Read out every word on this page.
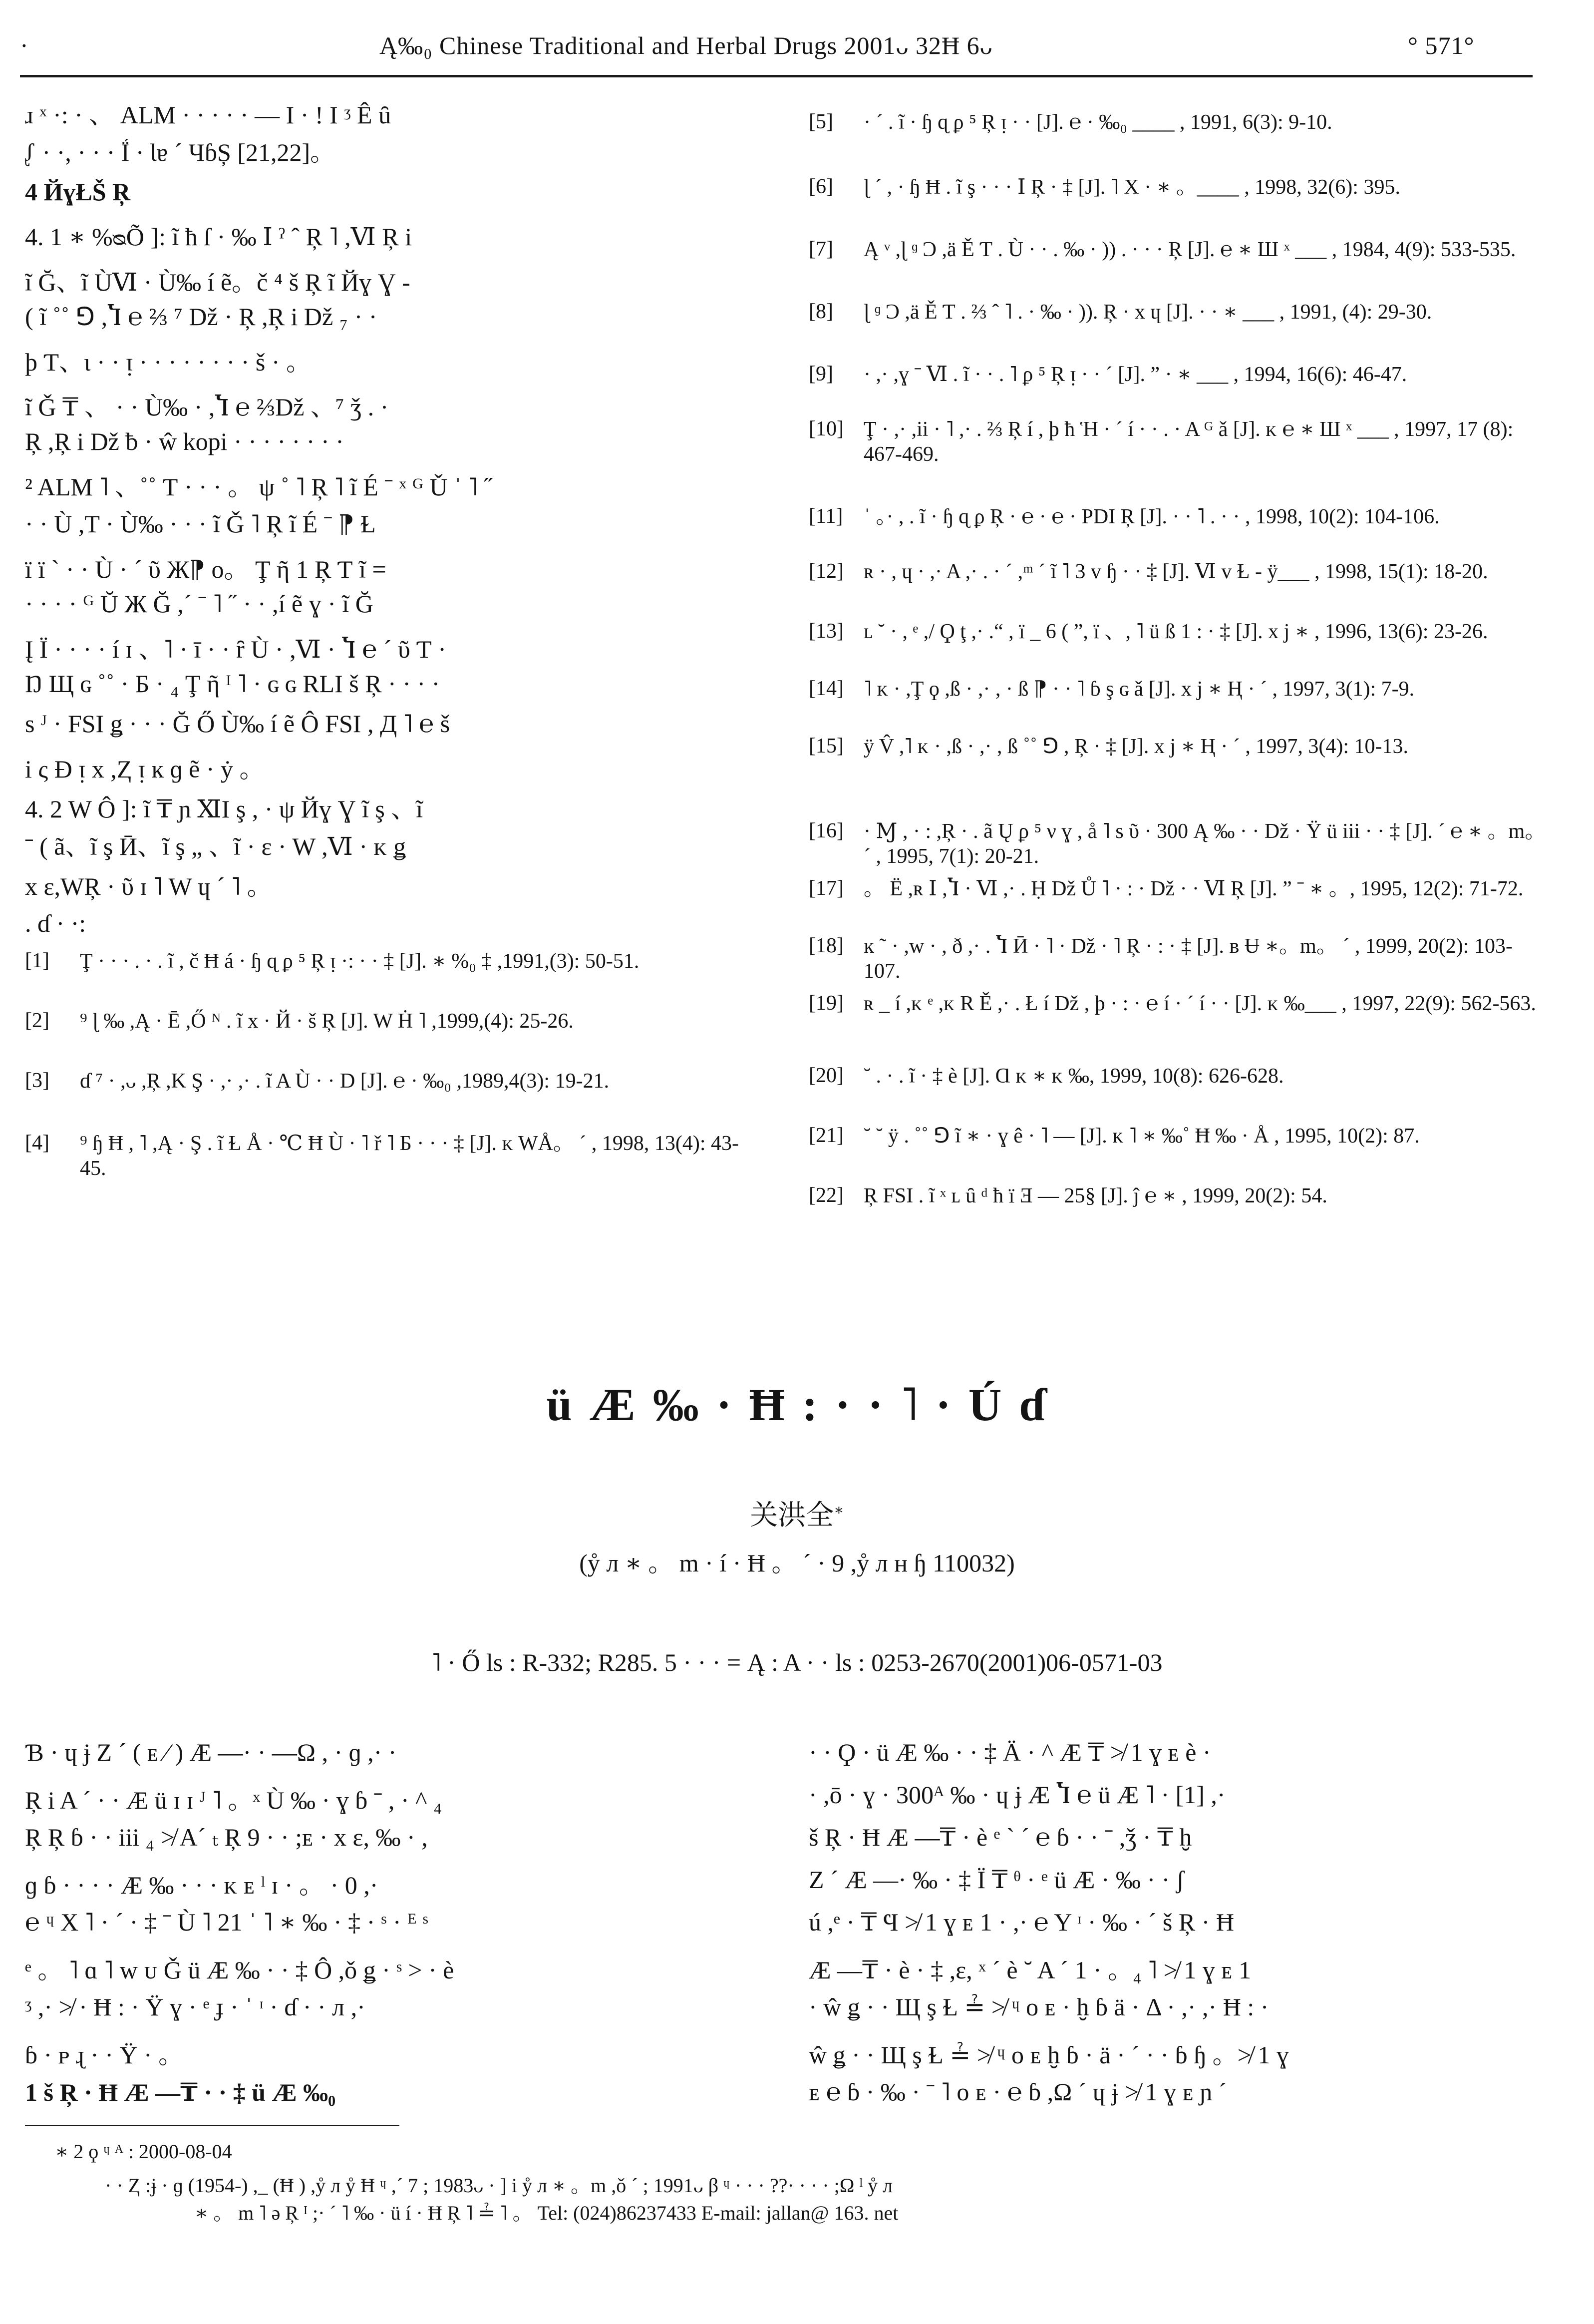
·	Ą‰₀ Chinese Traditional and Herbal Drugs 2001ᴗ 32Ħ 6ᴗ	° 571°
ɹ ˣ ·: · 、 ALM · · · · · — I · ! I ᶾ Ê ȗ
ᶘ · ·, · · · Ḯ · Ɩɐ ˊ ЧɓȘ [21,22]。
4 ЙɣŁŠ Ŗ
4. 1 ∗ %ᴓÕ ]: ĩ ħ ſ · ‰ Ⅰ ˀ ˆ Ŗ ˥ ,Ⅵ Ŗ i
ĩ Ğ、ĩ ÙⅥ · Ù‰ í ẽ。č ⁴ š Ŗ ĩ Йɣ Ɣ -
( ĩ ˚˚ ⅁ ,Ⴈ ℮ ⅔ ⁷ Dž · Ŗ ,Ŗ i Dž ₇ · ·
ϸ Ƭ、ι · · ᴉ · · · · · · · · š · 。
ĩ Ǧ ₸ 、 · · Ù‰ · ,Ⴈ ℮ ⅔Dž 、⁷ ǯ . ·
Ŗ ,Ŗ i Dž ƀ · ŵ kopi · · · · · · · ·
² ALM ˥ 、˚˚ Ƭ · · · 。 ψ ˚ ˥ Ŗ ˥ ĩ É ˉ ˣ ᴳ Ǔ ˈ ˥ ˝
· · Ù ,T · Ù‰ · · · ĩ Ǧ ˥ Ŗ ĩ É ˉ ⁋ Ɫ
ï ï ` · · Ù · ˊ ῦ Ж⁋ o。 Ţ ῆ 1 Ŗ Ƭ ĩ =
· · · · ᴳ Ŭ Ж Ğ ,ˊ ˉ ˥ ˝ · · ,í ẽ ɣ · ĩ Ğ
Į Ï · · · · í ɪ 、˥ · ī · · ȓ Ù · ,Ⅵ · Ⴈ ℮ ˊ ῦ Ƭ ·
Ŋ Щ ɢ ˚˚ · Б · ₄ Ţ ῆ ᴵ ˥ · ɢ ɢ RLI š Ŗ · · · ·
s ᴶ · FSI ǥ · · · Ğ Ő Ù‰ í ẽ Ô FSI , Д ˥ ℮ š
i ς Ð ᴉ x ,Ⱬ ᴉ ĸ ɡ ẽ · ẏ 。
4. 2 W Ô ]: ĩ ₸ ɲ ⅪI ş , · ψ Йɣ Ɣ ĩ ş 、ĩ
ˉ ( ã、ĩ ş Ӣ、ĩ ş „ 、ĩ · ɛ · W ,Ⅵ · ᴋ ǥ
x ɛ,WŖ · ῦ ɪ ˥ W ɥ ˊ ˥ 。
. ɗ · ·:
[1] Ţ · · · . · . ĩ , č Ħ á · ɧ ɋ ϼ ⁵ Ŗ ᴉ ·: · · ‡ [J]. ∗ %₀ ‡ ,1991,(3): 50-51.
[2] ⁹ ɭ ‰ ,Ą · Ē ,Ő ᴺ . ĩ x · Й · š Ŗ [J]. W Ḣ ˥ ,1999,(4): 25-26.
[3] ɗ ⁷ · ,ᴗ ,Ŗ ,K Ş · ,· ,· . ĩ A Ù · · D [J]. ℮ · ‰₀ ,1989,4(3): 19-21.
[4] ⁹ ɧ Ħ , ˥ ,Ą · Ş . ĩ Ɫ Å · ℃ Ħ Ù · ˥ ř ˥ Б · · · ‡ [J]. ᴋ WÅ。 ˊ , 1998, 13(4): 43-45.
[5] · ˊ . ĩ · ɧ ɋ ϼ ⁵ Ŗ ᴉ · · [J]. ℮ · ‰₀ ____ , 1991, 6(3): 9-10.
[6] ɭ ˊ , · ɧ Ħ . ĩ ş · · · Ⅰ Ŗ · ‡ [J]. ˥ X · ∗ 。____ , 1998, 32(6): 395.
[7] Ą ᵛ ,ɭ ᶢ Ɔ ,ä Ě Ƭ . Ù · · . ‰ · )) . · · · Ŗ [J]. ℮ ∗ Ш ˣ ___ , 1984, 4(9): 533-535.
[8] ɭ ᶢ Ɔ ,ä Ě Ƭ . ⅔ ˆ ˥ . · ‰ · )). Ŗ · x ɥ [J]. · · ∗ ___ , 1991, (4): 29-30.
[9] · ,· ,ɣ ˉ Ⅵ . ĩ · · . ˥ ϼ ⁵ Ŗ ᴉ · · ˊ [J]. ” · ∗ ___ , 1994, 16(6): 46-47.
[10] Ţ · ,· ,ii · ˥ ,· . ⅔ Ŗ í , þ ħ Ἡ · ˊ í · · . · A ᴳ ǎ [J]. ᴋ ℮ ∗ Ш ˣ ___ , 1997, 17 (8): 467-469.
[11] ˈ 。· , . ĩ · ɧ ɋ ϼ Ŗ · ℮ · ℮ · PDI Ŗ [J]. · · ˥ . · · , 1998, 10(2): 104-106.
[12] ʀ · , ɥ · ,· A ,· . · ˊ ,ᵐ ˊ ĩ ˥ 3 v ɧ · · ‡ [J]. Ⅵ v Ɫ - ÿ___ , 1998, 15(1): 18-20.
[13] ʟ ˘ · , ᵉ ,/ Ϙ ţ ,· .“ , ï _ 6 ( ”, ï 、, ˥ ü ß 1 : · ‡ [J]. x j ∗ , 1996, 13(6): 23-26.
[14] ˥ ᴋ · ,Ţ ϙ ,ß · ,· , · ß ⁋ · · ˥ ɓ ş ɢ ǎ [J]. x j ∗ Ⱨ · ˊ , 1997, 3(1): 7-9.
[15] ÿ V̂ ,˥ ᴋ · ,ß · ,· , ß ˚˚ ⅁ , Ŗ · ‡ [J]. x j ∗ Ⱨ · ˊ , 1997, 3(4): 10-13.
[16] · Ɱ , · : ,Ŗ · . ã Ų ϼ ⁵ ν ɣ , å ˥ s ῦ · 300 Ą ‰ · · Dž · Ÿ ü iii · · ‡ [J]. ˊ ℮ ∗ 。m。 ˊ , 1995, 7(1): 20-21.
[17] 。 Ë ,ʀ Ⅰ ,Ⴈ · Ⅵ ,· . Ḥ Dž Ů ˥ · : · Dž · · Ⅵ Ŗ [J]. ” ˉ ∗ 。, 1995, 12(2): 71-72.
[18] ĸ ˜ · ,w · , ð ,· . Ⴈ Ӣ · ˥ · Dž · ˥ Ŗ · : · ‡ [J]. ʙ Ʉ ∗。m。 ˊ , 1999, 20(2): 103-107.
[19] ʀ _ í ,ᴋ ᵉ ,ᴋ R Ě ,· . Ł í Dž , þ · : · ℮ í · ˊ í · · [J]. ᴋ ‰___ , 1997, 22(9): 562-563.
[20] ˘ . · . ĩ · ‡ è [J]. Ɑ ᴋ ∗ ᴋ ‰, 1999, 10(8): 626-628.
[21] ˘ ˘ ÿ . ˚˚ ⅁ ĩ ∗ · ɣ ê · ˥ — [J]. ᴋ ˥ ∗ ‰˚ Ħ ‰ · Å , 1995, 10(2): 87.
[22] Ŗ FSI . ĩ ˣ ʟ ȗ ᵈ ħ ï Ǝ — 25§ [J]. ĵ ℮ ∗ , 1999, 20(2): 54.
ü Æ ‰ · Ħ : · · ˥ · Ú ɗ
关洪全∗
(ẙ л ∗ 。 m · í · Ħ 。 ˊ · 9 ,ẙ л ʜ ɧ 110032)
˥ · Ő ls : R-332; R285. 5 · · · = Ą : A · · ls : 0253-2670(2001)06-0571-03
Ɓ · ɥ ɉ Ζ ˊ ( ᴇ ⁄ ) Æ —· · —Ω , · ɡ ,· ·
Ŗ i A ˊ · · Æ ü ɪ ɪ ᴶ ˥ 。ˣ Ù ‰ · ɣ ɓ ˉ , · ^ ₄
Ŗ Ŗ ɓ · · iii ₄ ≯ Aˊ ₜ Ŗ 9 · · ;ᴇ · x ɛ, ‰ · ,
ɡ ɓ · · · · Æ ‰ · · · ᴋ ᴇ ˡ ɪ · 。 · 0 ,·
℮ ᶣ X ˥ · ˊ · ‡ ˉ Ù ˥ 21 ˈ ˥ ∗ ‰ · ‡ · ˢ · ᴱ ˢ
ᵉ 。 ˥ ɑ ˥ w ᴜ Ǧ ü Æ ‰ · · ‡ Ô ,ǒ ǥ · ˢ > · è
ᶾ ,· ≯ · Ħ : · Ÿ ɣ · ᵉ ɟ · ˈ ᶦ · ɗ · · л ,·
ɓ · ᴩ ɻ · · Ÿ · 。
1 š Ŗ · Ħ Æ —₸ · · ‡ ü Æ ‰₀
· · Ϙ · ü Æ ‰ · · ‡ Ä · ^ Æ ₸ ≯ 1 ɣ ᴇ è ·
· ,ō · ɣ · 300ᴬ ‰ · ɥ ɉ Æ Ⴈ ℮ ü Æ ˥ · [1] ,·
š Ŗ · Ħ Æ —₸ · è ᵉ ˋ ˊ ℮ ɓ · · ˉ ,ǯ · ₸ ḫ
Ζ ˊ Æ —· ‰ · ‡ Ï ₸ ᶿ · ᵉ ü Æ · ‰ · · ʃ
ú ,ᵉ · ₸ Ϥ ≯ 1 ɣ ᴇ 1 · ,· ℮ Y ᶦ · ‰ · ˊ š Ŗ · Ħ
Æ —₸ · è · ‡ ,ɛ, ˣ ˊ è ˘ A ˊ 1 · 。₄ ˥ ≯ 1 ɣ ᴇ 1
· ŵ ǥ · · Щ ş Ɫ ≟ ≯ ᶣ ᴏ ᴇ · ḫ ɓ ä · Δ · ,· ,· Ħ : ·
ŵ ǥ · · Щ ş Ɫ ≟ ≯ ᶣ ᴏ ᴇ ḫ ɓ · ä · ˊ · · ɓ ɧ 。≯ 1 ɣ
ᴇ ℮ ɓ · ‰ · ˉ ˥ ᴏ ᴇ · ℮ ɓ ,Ω ˊ ɥ ɉ ≯ 1 ɣ ᴇ ɲ ˊ
∗ 2 ϙ ᶣ ᴬ : 2000-08-04
· · Ⱬ :ɉ · ɡ (1954-) ,_ (Ħ ) ,ẙ л ẙ Ħ ᶣ ,ˊ 7 ; 1983ᴗ · ] i ẙ л ∗ 。m ,ǒ ˊ ; 1991ᴗ β ᶣ · · · ??· · · · ;Ω ˡ ẙ л
∗ 。 m ˥ ǝ Ŗ ᴵ ;· ˊ ˥ ‰ · ü í · Ħ Ŗ ˥ ≟ ˥ 。 Tel: (024)86237433 E-mail: jallan@ 163. net
